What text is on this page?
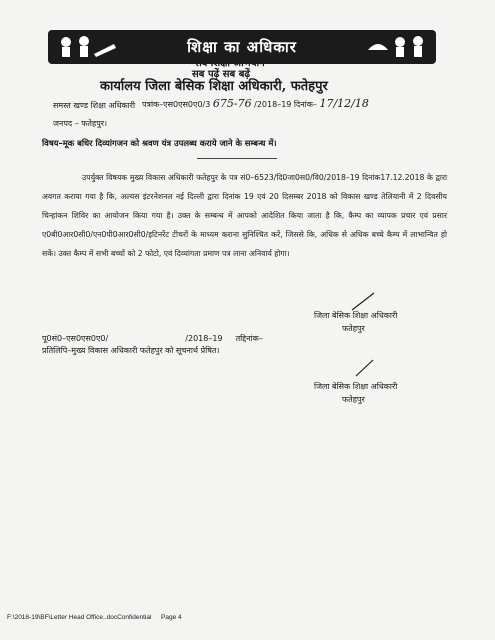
शिक्षा का अधिकार
सर्व शिक्षा अभियान
सब पढ़ें सब बढ़ें
कार्यालय जिला बेसिक शिक्षा अधिकारी, फतेहपुर
पत्रांक–एस0एस0ए0/3 675-76 /2018–19 दिनांक– 17/12/18
समस्त खण्ड शिक्षा अधिकारी
जनपद – फतेहपुर।
विषय–मूक बधिर दिव्यांगजन को श्रवण यंत्र उपलब्ध कराये जाने के सम्बन्ध में।
उपर्युक्त विषयक मुख्य विकास अधिकारी फतेहपुर के पत्र सं0–6523/दि0जा0स0/वि0/2018–19 दिनांक17.12.2018 के द्वारा अवगत कराया गया है कि, अल्यस इंटरनेशनल नई दिल्ली द्वारा दिनांक 19 एवं 20 दिसम्बर 2018 को विकास खण्ड तेलियानी में 2 दिवसीय चिन्हांकन शिविर का आयोजन किया गया है। उक्त के सम्बन्ध में आपको आदेशित किया जाता है कि, कैम्प का व्यापक प्रचार एवं प्रसार ए0बी0आर0सी0/एन0पी0आर0सी0/इटिनरेंट टीचरों के माध्यम कराना सुनिश्चित करें, जिससे कि, अधिक से अधिक बच्चे कैम्प में लाभान्वित हो सकें। उक्त कैम्प में सभी बच्चों को 2 फोटो, एवं दिव्यांगता प्रमाण पत्र लाना अनिवार्य होगा।
जिला बेसिक शिक्षा अधिकारी
फतेहपुर
पू0सं0–एस0एस0ए0/	/2018–19 तद्दिनांक–
प्रतिलिपि–मुख्य विकास अधिकारी फतेहपुर को सूचनार्थ प्रेषित।
जिला बेसिक शिक्षा अधिकारी
फतेहपुर
F:\2018-19\BF\Letter Head Office..docConfidential Page 4
